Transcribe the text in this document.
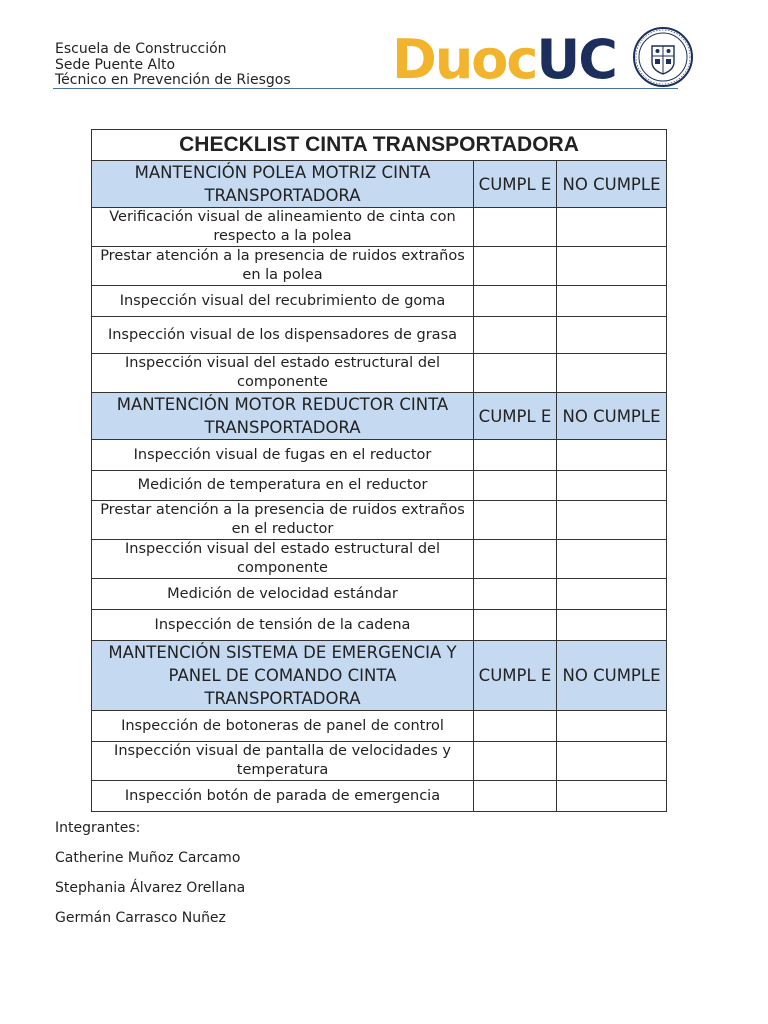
Escuela de Construcción
Sede Puente Alto
Técnico en Prevención de Riesgos DuocUC
CHECKLIST CINTA TRANSPORTADORA		
MANTENCIÓN POLEA MOTRIZ CINTA TRANSPORTADORA	CUMPL E	NO CUMPLE
Verificación visual de alineamiento de cinta con respecto a la polea		
Prestar atención a la presencia de ruidos extraños en la polea		
Inspección visual del recubrimiento de goma		
Inspección visual de los dispensadores de grasa		
Inspección visual del estado estructural del componente		
MANTENCIÓN MOTOR REDUCTOR CINTA TRANSPORTADORA	CUMPL E	NO CUMPLE
Inspección visual de fugas en el reductor		
Medición de temperatura en el reductor		
Prestar atención a la presencia de ruidos extraños en el reductor		
Inspección visual del estado estructural del componente		
Medición de velocidad estándar		
Inspección de tensión de la cadena		
MANTENCIÓN SISTEMA DE EMERGENCIA Y PANEL DE COMANDO CINTA TRANSPORTADORA	CUMPL E	NO CUMPLE
Inspección de botoneras de panel de control		
Inspección visual de pantalla de velocidades y temperatura		
Inspección botón de parada de emergencia		
Integrantes:
Catherine Muñoz Carcamo
Stephania Álvarez Orellana
Germán Carrasco Nuñez
